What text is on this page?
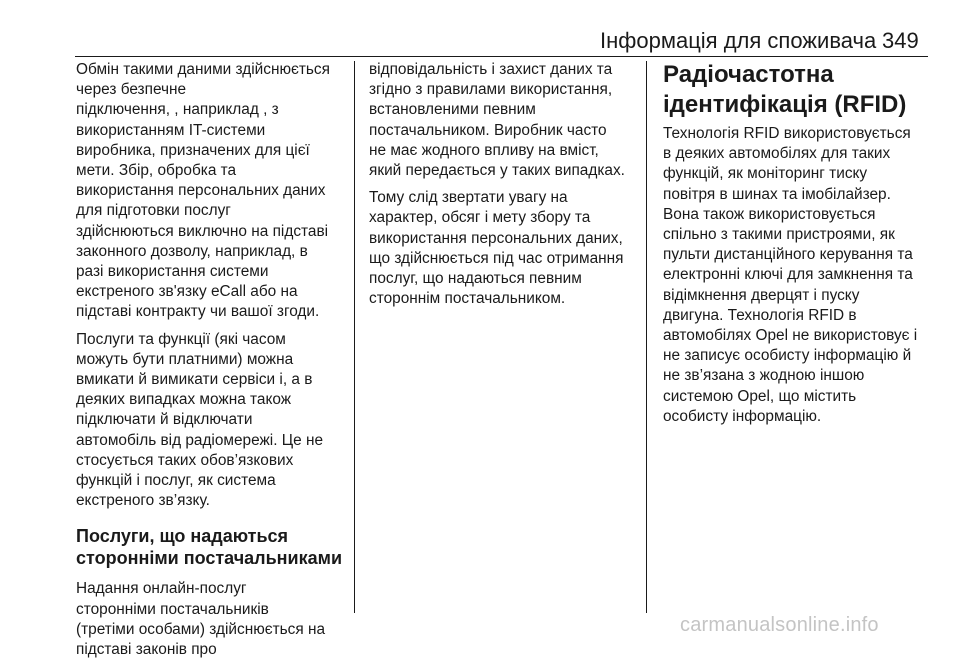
Інформація для споживача 349

Обмін такими даними здійснюється
через безпечне
підключення, , наприклад , з
використанням IT-системи
виробника, призначених для цієї
мети. Збір, обробка та
використання персональних даних
для підготовки послуг
здійснюються виключно на підставі
законного дозволу, наприклад, в
разі використання системи
екстреного зв'язку eCall або на
підставі контракту чи вашої згоди.

Послуги та функції (які часом
можуть бути платними) можна
вмикати й вимикати сервіси і, а в
деяких випадках можна також
підключати й відключати
автомобіль від радіомережі. Це не
стосується таких обов’язкових
функцій і послуг, як система
екстреного зв’язку.

Послуги, що надаються
сторонніми постачальниками

Надання онлайн-послуг
сторонніми постачальників
(третіми особами) здійснюється на
підставі законів про

відповідальність і захист даних та
згідно з правилами використання,
встановленими певним
постачальником. Виробник часто
не має жодного впливу на вміст,
який передається у таких випадках.

Тому слід звертати увагу на
характер, обсяг і мету збору та
використання персональних даних,
що здійснюється під час отримання
послуг, що надаються певним
стороннім постачальником.

Радіочастотна
ідентифікація (RFID)

Технологія RFID використовується
в деяких автомобілях для таких
функцій, як моніторинг тиску
повітря в шинах та імобілайзер.
Вона також використовується
спільно з такими пристроями, як
пульти дистанційного керування та
електронні ключі для замкнення та
відімкнення дверцят і пуску
двигуна. Технологія RFID в
автомобілях Opel не використовує і
не записує особисту інформацію й
не зв’язана з жодною іншою
системою Opel, що містить
особисту інформацію.

carmanualsonline.info
